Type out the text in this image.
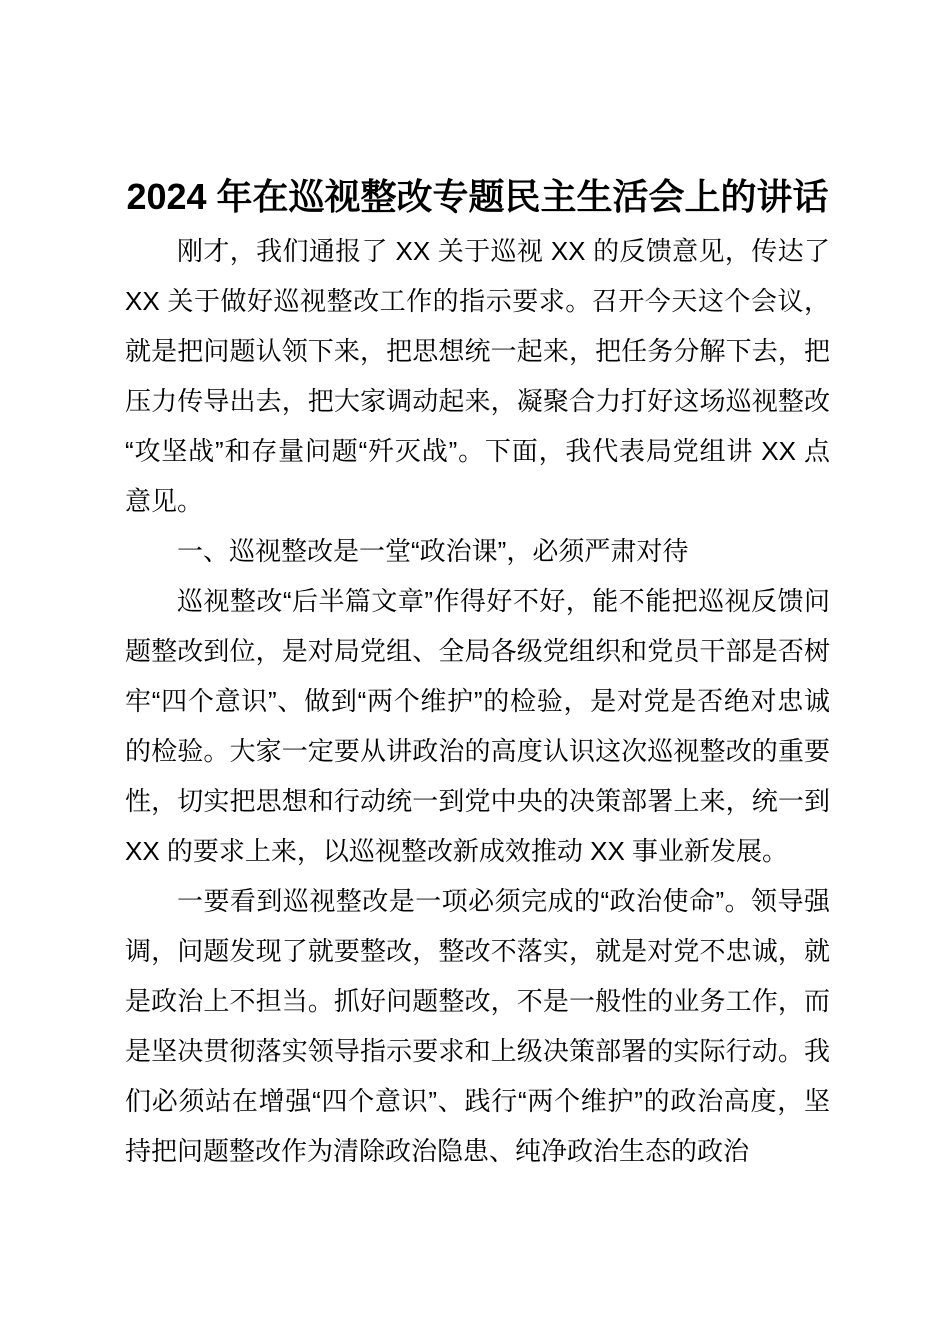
2024 年在巡视整改专题民主生活会上的讲话

刚才，我们通报了 XX 关于巡视 XX 的反馈意见，传达了 XX 关于做好巡视整改工作的指示要求。召开今天这个会议，就是把问题认领下来，把思想统一起来，把任务分解下去，把压力传导出去，把大家调动起来，凝聚合力打好这场巡视整改“攻坚战”和存量问题“歼灭战”。下面，我代表局党组讲 XX 点意见。

一、巡视整改是一堂“政治课”，必须严肃对待

巡视整改“后半篇文章”作得好不好，能不能把巡视反馈问题整改到位，是对局党组、全局各级党组织和党员干部是否树牢“四个意识”、做到“两个维护”的检验，是对党是否绝对忠诚的检验。大家一定要从讲政治的高度认识这次巡视整改的重要性，切实把思想和行动统一到党中央的决策部署上来，统一到 XX 的要求上来，以巡视整改新成效推动 XX 事业新发展。

一要看到巡视整改是一项必须完成的“政治使命”。领导强调，问题发现了就要整改，整改不落实，就是对党不忠诚，就是政治上不担当。抓好问题整改，不是一般性的业务工作，而是坚决贯彻落实领导指示要求和上级决策部署的实际行动。我们必须站在增强“四个意识”、践行“两个维护”的政治高度，坚持把问题整改作为清除政治隐患、纯净政治生态的政治
